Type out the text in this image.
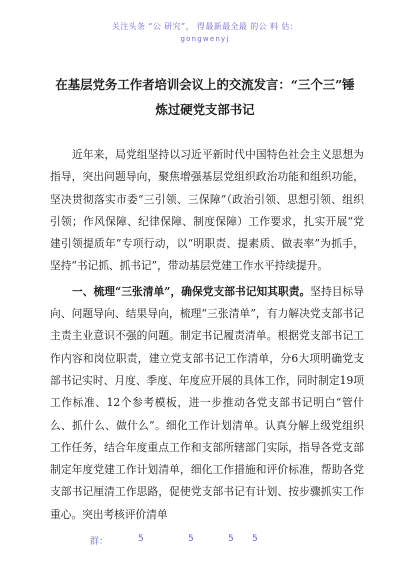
关注头条 “公 研究”， 得最新最全最 的公 料 估：
gongwenyj
在基层党务工作者培训会议上的交流发言：“三个三”锤
炼过硬党支部书记

近年来，局党组坚持以习近平新时代中国特色社会主义思想为指导，突出问题导向，聚焦增强基层党组织政治功能和组织功能，坚决贯彻落实市委“三引领、三保障”（政治引领、思想引领、组织引领；作风保障、纪律保障、制度保障）工作要求，扎实开展“党建引领提质年”专项行动，以“明职责、提素质、做表率”为抓手，坚持“书记抓、抓书记”，带动基层党建工作水平持续提升。

一、梳理“三张清单”，确保党支部书记知其职责。坚持目标导向、问题导向、结果导向，梳理“三张清单”，有力解决党支部书记主责主业意识不强的问题。制定书记履责清单。根据党支部书记工作内容和岗位职责，建立党支部书记工作清单，分6大项明确党支部书记实时、月度、季度、年度应开展的具体工作，同时制定19项工作标准、12个参考模板，进一步推动各党支部书记明白“管什么、抓什么、做什么”。细化工作计划清单。认真分解上级党组织工作任务，结合年度重点工作和支部所辖部门实际，指导各党支部制定年度党建工作计划清单，细化工作措施和评价标准，帮助各党支部书记厘清工作思路，促使党支部书记有计划、按步骤抓实工作重心。突出考核评价清单

群：	5	5	5 5
